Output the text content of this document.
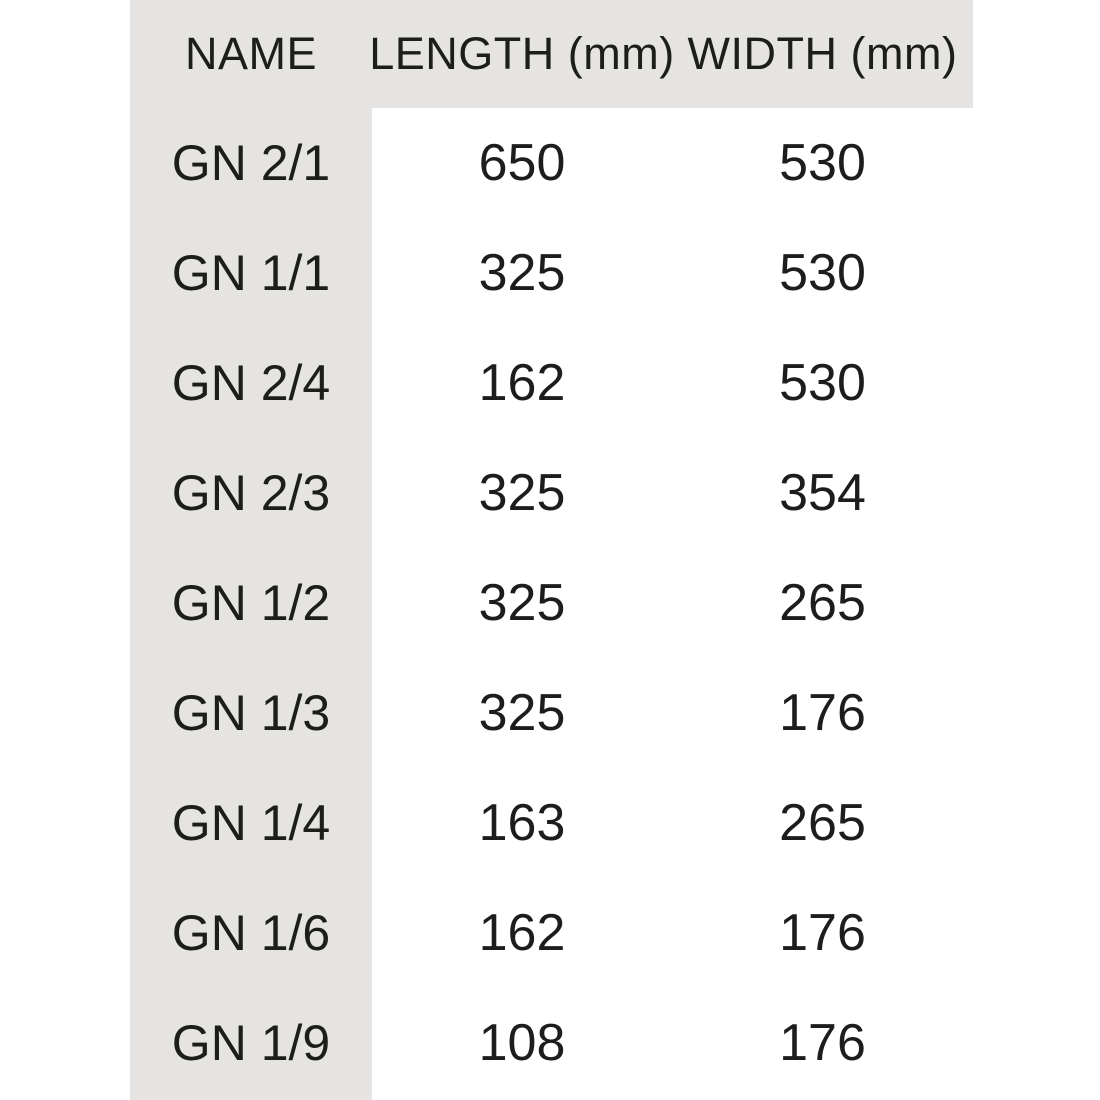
NAME	LENGTH (mm) WIDTH (mm)
GN 2/1	650	530
GN 1/1	325	530
GN 2/4	162	530
GN 2/3	325	354
GN 1/2	325	265
GN 1/3	325	176
GN 1/4	163	265
GN 1/6	162	176
GN 1/9	108	176
